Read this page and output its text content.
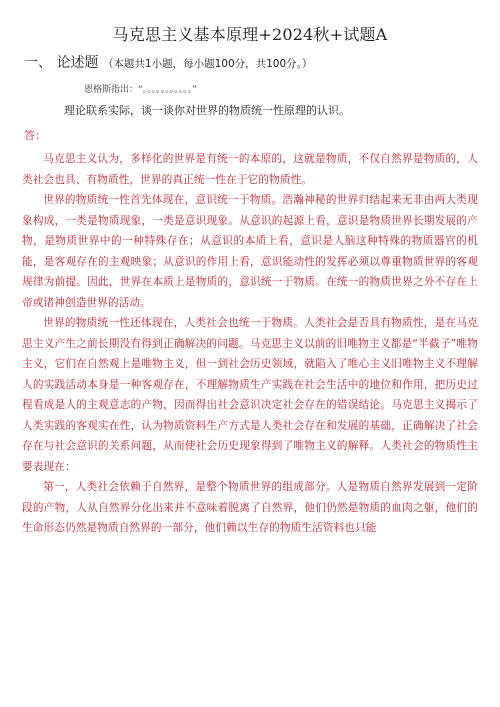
马克思主义基本原理+2024秋+试题A
一、 论述题 （本题共1小题，每小题100分，共100分。）
恩格斯指出：“。。。。。。。。。。。”
理论联系实际，谈一谈你对世界的物质统一性原理的认识。
答：

马克思主义认为，多样化的世界是有统一的本原的，这就是物质，不仅自然界是物质的，人类社会也具、有物质性，世界的真正统一性在于它的物质性。

世界的物质统一性首先体现在，意识统一于物质。浩瀚神秘的世界归结起来无非由两大类现象构成，一类是物质现象，一类是意识现象。从意识的起源上看，意识是物质世界长期发展的产物，是物质世界中的一种特殊存在；从意识的本质上看，意识是人脑这种特殊的物质器官的机能，是客观存在的主观映象；从意识的作用上看，意识能动性的发挥必须以尊重物质世界的客观规律为前提。因此，世界在本质上是物质的，意识统一于物质。在统一的物质世界之外不存在上帝或诸神创造世界的活动。

世界的物质统一性还体现在，人类社会也统一于物质。人类社会是否具有物质性，是在马克思主义产生之前长期没有得到正确解决的问题。马克思主义以前的旧唯物主义都是“半截子”唯物主义，它们在自然观上是唯物主义，但一到社会历史领域，就陷入了唯心主义旧唯物主义不理解人的实践活动本身是一种客观存在，不理解物质生产实践在社会生活中的地位和作用，把历史过程看成是人的主观意志的产物，因而得出社会意识决定社会存在的错误结论。马克思主义揭示了人类实践的客观实在性，认为物质资料生产方式是人类社会存在和发展的基础，正确解决了社会存在与社会意识的关系问题，从而使社会历史现象得到了唯物主义的解释。人类社会的物质性主要表现在：

第一，人类社会依赖于自然界，是整个物质世界的组成部分。人是物质自然界发展到一定阶段的产物，人从自然界分化出来并不意味着脱离了自然界，他们仍然是物质的血肉之躯，他们的生命形态仍然是物质自然界的一部分，他们赖以生存的物质生活资料也只能
